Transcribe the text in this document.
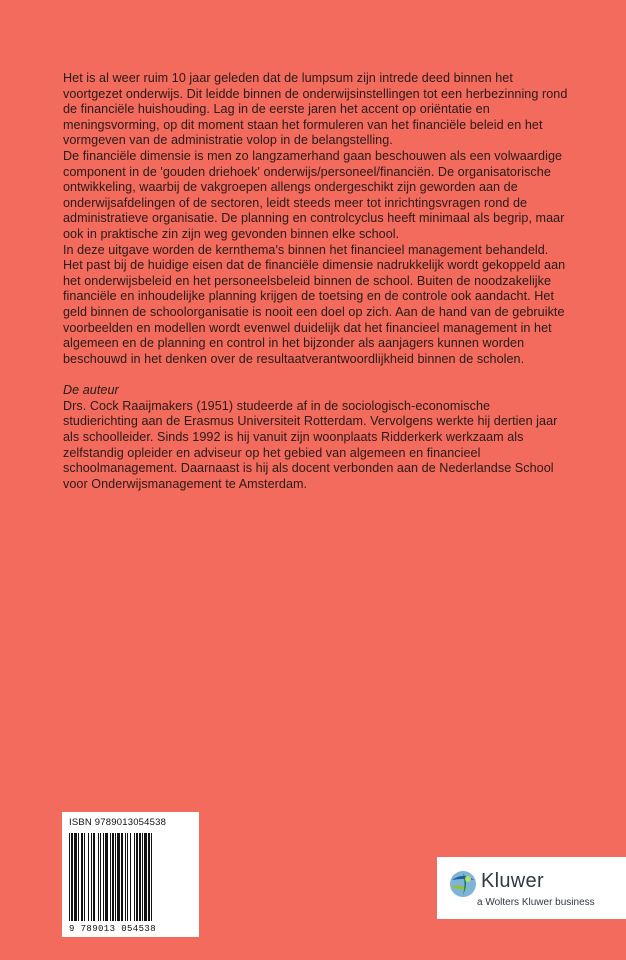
Het is al weer ruim 10 jaar geleden dat de lumpsum zijn intrede deed binnen het voortgezet onderwijs. Dit leidde binnen de onderwijsinstellingen tot een herbezinning rond de financiële huishouding. Lag in de eerste jaren het accent op oriëntatie en meningsvorming, op dit moment staan het formuleren van het financiële beleid en het vormgeven van de administratie volop in de belangstelling.

De financiële dimensie is men zo langzamerhand gaan beschouwen als een volwaardige component in de 'gouden driehoek' onderwijs/personeel/financiën. De organisatorische ontwikkeling, waarbij de vakgroepen allengs ondergeschikt zijn geworden aan de onderwijsafdelingen of de sectoren, leidt steeds meer tot inrichtingsvragen rond de administratieve organisatie. De planning en controlcyclus heeft minimaal als begrip, maar ook in praktische zin zijn weg gevonden binnen elke school.

In deze uitgave worden de kernthema's binnen het financieel management behandeld. Het past bij de huidige eisen dat de financiële dimensie nadrukkelijk wordt gekoppeld aan het onderwijsbeleid en het personeelsbeleid binnen de school. Buiten de noodzakelijke financiële en inhoudelijke planning krijgen de toetsing en de controle ook aandacht. Het geld binnen de schoolorganisatie is nooit een doel op zich. Aan de hand van de gebruikte voorbeelden en modellen wordt evenwel duidelijk dat het financieel management in het algemeen en de planning en control in het bijzonder als aanjagers kunnen worden beschouwd in het denken over de resultaatverantwoordlijkheid binnen de scholen.

De auteur

Drs. Cock Raaijmakers (1951) studeerde af in de sociologisch-economische studierichting aan de Erasmus Universiteit Rotterdam. Vervolgens werkte hij dertien jaar als schoolleider. Sinds 1992 is hij vanuit zijn woonplaats Ridderkerk werkzaam als zelfstandig opleider en adviseur op het gebied van algemeen en financieel schoolmanagement. Daarnaast is hij als docent verbonden aan de Nederlandse School voor Onderwijsmanagement te Amsterdam.

ISBN 9789013054538
9 789013 054538
Kluwer
a Wolters Kluwer business
